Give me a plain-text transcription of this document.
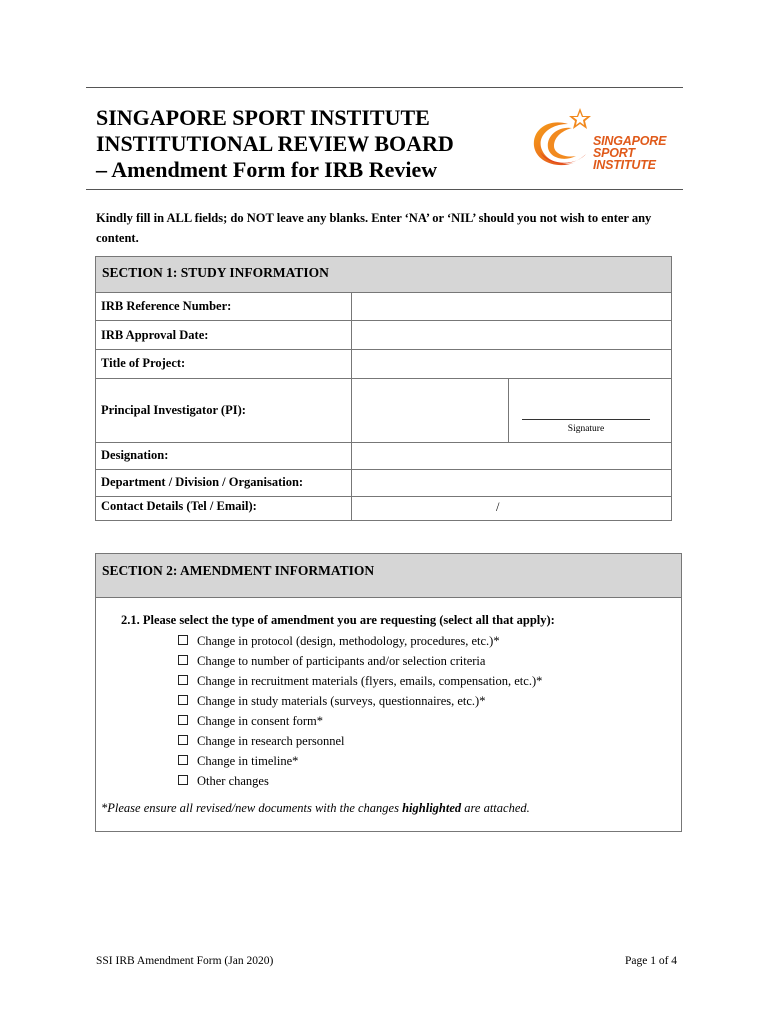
SINGAPORE SPORT INSTITUTE
INSTITUTIONAL REVIEW BOARD
– Amendment Form for IRB Review
SINGAPORE
SPORT
INSTITUTE
Kindly fill in ALL fields; do NOT leave any blanks. Enter ‘NA’ or ‘NIL’ should you not wish to enter any content.
SECTION 1: STUDY INFORMATION
IRB Reference Number:
IRB Approval Date:
Title of Project:
Principal Investigator (PI):
Designation:
Department / Division / Organisation:
Contact Details (Tel / Email):
Signature
/
SECTION 2: AMENDMENT INFORMATION
2.1. Please select the type of amendment you are requesting (select all that apply):
Change in protocol (design, methodology, procedures, etc.)*
Change to number of participants and/or selection criteria
Change in recruitment materials (flyers, emails, compensation, etc.)*
Change in study materials (surveys, questionnaires, etc.)*
Change in consent form*
Change in research personnel
Change in timeline*
Other changes
*Please ensure all revised/new documents with the changes highlighted are attached.
SSI IRB Amendment Form (Jan 2020)	Page 1 of 4
